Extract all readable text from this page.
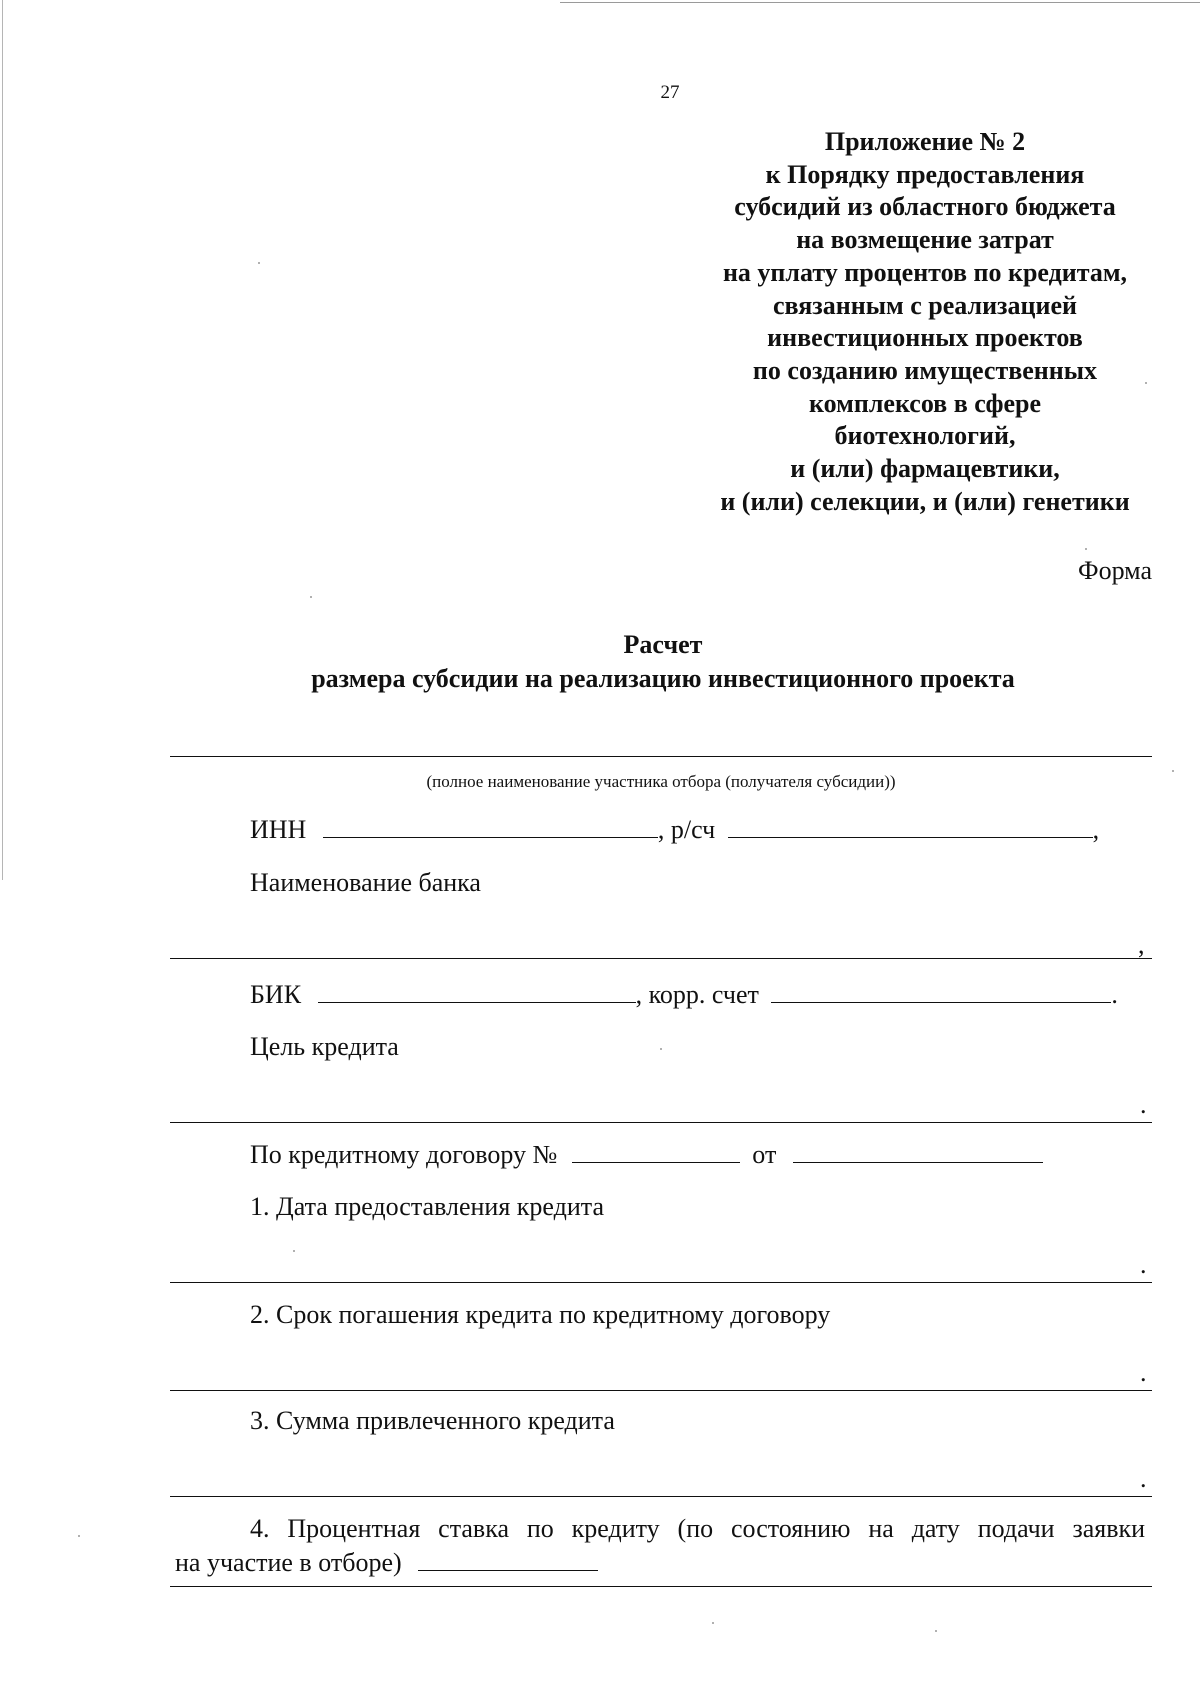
27
Приложение № 2
к Порядку предоставления
субсидий из областного бюджета
на возмещение затрат
на уплату процентов по кредитам,
связанным с реализацией
инвестиционных проектов
по созданию имущественных
комплексов в сфере
биотехнологий,
и (или) фармацевтики,
и (или) селекции, и (или) генетики
Форма
Расчет
размера субсидии на реализацию инвестиционного проекта
(полное наименование участника отбора (получателя субсидии))
ИНН	, р/сч	,
Наименование банка
,
БИК	, корр. счет	.
Цель кредита
.
По кредитному договору №	от
1. Дата предоставления кредита
.
2. Срок погашения кредита по кредитному договору
.
3. Сумма привлеченного кредита
.
4. Процентная ставка по кредиту (по состоянию на дату подачи заявки
на участие в отборе)
